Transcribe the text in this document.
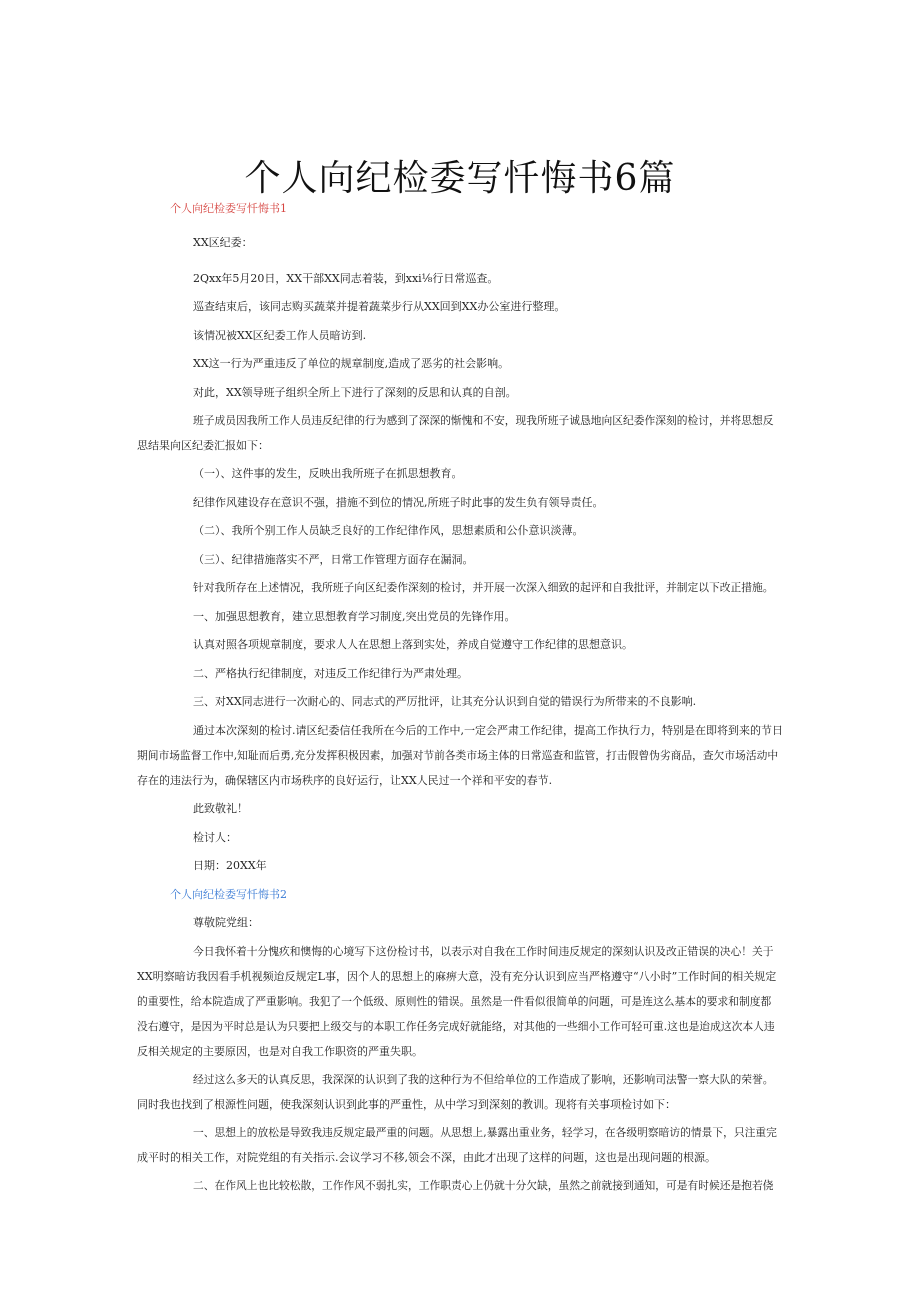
个人向纪检委写忏悔书6篇
个人向纪检委写忏悔书1
XX区纪委：
2Qxx年5月20日，XX干部XX同志着装，到xxi⅛行日常巡查。
巡查结束后，该同志购买蔬菜并提着蔬菜步行从XX回到XX办公室进行整理。
该情况被XX区纪委工作人员暗访到.
XX这一行为严重违反了单位的规章制度,造成了恶劣的社会影响。
对此，XX领导班子组织全所上下进行了深刻的反思和认真的自剖。
班子成员因我所工作人员违反纪律的行为感到了深深的惭愧和不安，现我所班子诚恳地向区纪委作深刻的检讨，并将思想反
思结果向区纪委汇报如下：
（一）、这件事的发生，反映出我所班子在抓思想教育。
纪律作风建设存在意识不强，措施不到位的情况,所班子时此事的发生负有领导责任。
（二）、我所个别工作人员缺乏良好的工作纪律作风，思想素质和公仆意识淡薄。
（三）、纪律措施落实不严，日常工作管理方面存在漏洞。
针对我所存在上述情况，我所班子向区纪委作深刻的检讨，并开展一次深入细致的起评和自我批评，并制定以下改正措施。
一、加强思想教育，建立思想教育学习制度,突出党员的先锋作用。
认真对照各项规章制度，要求人人在思想上落到实处，养成自觉遵守工作纪律的思想意识。
二、严格执行纪律制度，对违反工作纪律行为严肃处理。
三、对XX同志进行一次耐心的、同志式的严厉批评，让其充分认识到自觉的错误行为所带来的不良影响.
通过本次深刻的检讨.请区纪委信任我所在今后的工作中,一定会严肃工作纪律，提高工作执行力，特别是在即将到来的节日
期间市场监督工作中,知耻而后勇,充分发挥积极因素，加强对节前各类市场主体的日常巡查和监管，打击假曾伪劣商品，查欠市场活动中
存在的违法行为，确保辖区内市场秩序的良好运行，让XX人民过一个祥和平安的春节.
此致敬礼！
检讨人：
日期：20XX年
个人向纪检委写忏悔书2
尊敬院党组：
今日我怀着十分愧疚和懊悔的心境写下这份检讨书，以表示对自我在工作时间违反规定的深刻认识及改正错误的决心！关于
XX明察暗访我因看手机视频迨反规定L事，因个人的思想上的麻痹大意，没有充分认识到应当严格遵守“八小时”工作时间的相关规定
的重要性，给本院造成了严重影响。我犯了一个低级、原则性的错误。虽然是一件看似很简单的问题，可是连这么基本的要求和制度都
没右遵守，是因为平时总是认为只要把上级交与的本职工作任务完成好就能络，对其他的一些细小工作可轻可重.这也是迨成这次本人违
反相关规定的主要原因，也是对自我工作职资的严重失职。
经过这么多天的认真反思，我深深的认识到了我的这种行为不但给单位的工作造成了影响，还影响司法警一察大队的荣誉。
同时我也找到了根源性问题，使我深刻认识到此事的严重性，从中学习到深刻的教训。现将有关事项检讨如下：
一、思想上的放松是导致我违反规定最严重的问题。从思想上,暴露出重业务，轻学习，在各级明察暗访的情景下，只注重完
成平时的相关工作，对院党组的有关指示.会议学习不移,领会不深，由此才出现了这样的问题，这也是出现问题的根源。
二、在作风上也比较松散，工作作风不弱扎实，工作职责心上仍就十分欠缺，虽然之前就接到通知，可是有时候还是抱若侥
